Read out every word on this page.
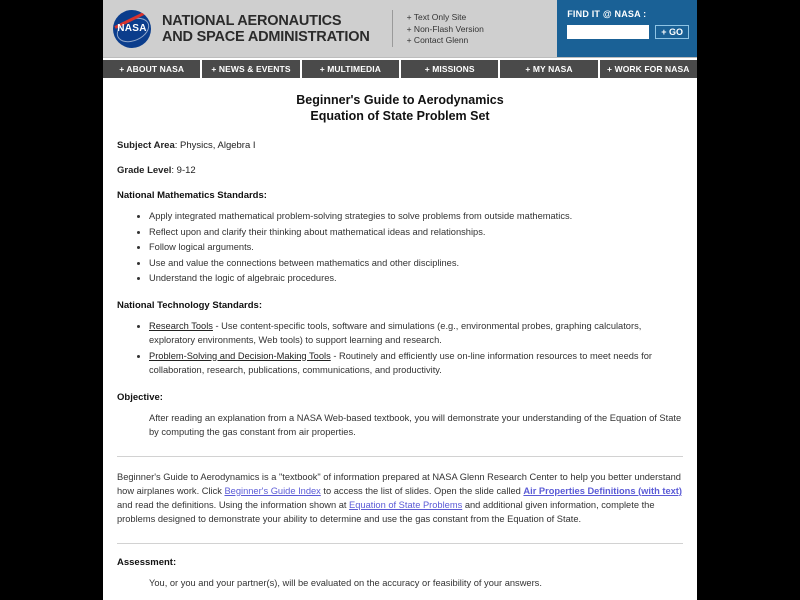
NASA NATIONAL AERONAUTICS
AND SPACE ADMINISTRATION
+ Text Only Site
+ Non-Flash Version
+ Contact Glenn
FIND IT @ NASA :
+ GO
+ ABOUT NASA	+ NEWS & EVENTS	+ MULTIMEDIA	+ MISSIONS	+ MY NASA	+ WORK FOR NASA
Beginner's Guide to Aerodynamics
Equation of State Problem Set

Subject Area: Physics, Algebra I

Grade Level: 9-12

National Mathematics Standards:

• Apply integrated mathematical problem-solving strategies to solve problems from outside mathematics.
• Reflect upon and clarify their thinking about mathematical ideas and relationships.
• Follow logical arguments.
• Use and value the connections between mathematics and other disciplines.
• Understand the logic of algebraic procedures.

National Technology Standards:

• Research Tools - Use content-specific tools, software and simulations (e.g., environmental probes, graphing calculators, exploratory environments, Web tools) to support learning and research.
• Problem-Solving and Decision-Making Tools - Routinely and efficiently use on-line information resources to meet needs for collaboration, research, publications, communications, and productivity.

Objective:

After reading an explanation from a NASA Web-based textbook, you will demonstrate your understanding of the Equation of State by computing the gas constant from air properties.

Beginner's Guide to Aerodynamics is a "textbook" of information prepared at NASA Glenn Research Center to help you better understand how airplanes work. Click Beginner's Guide Index to access the list of slides. Open the slide called Air Properties Definitions (with text) and read the definitions. Using the information shown at Equation of State Problems and additional given information, complete the problems designed to demonstrate your ability to determine and use the gas constant from the Equation of State.

Assessment:

You, or you and your partner(s), will be evaluated on the accuracy or feasibility of your answers.
